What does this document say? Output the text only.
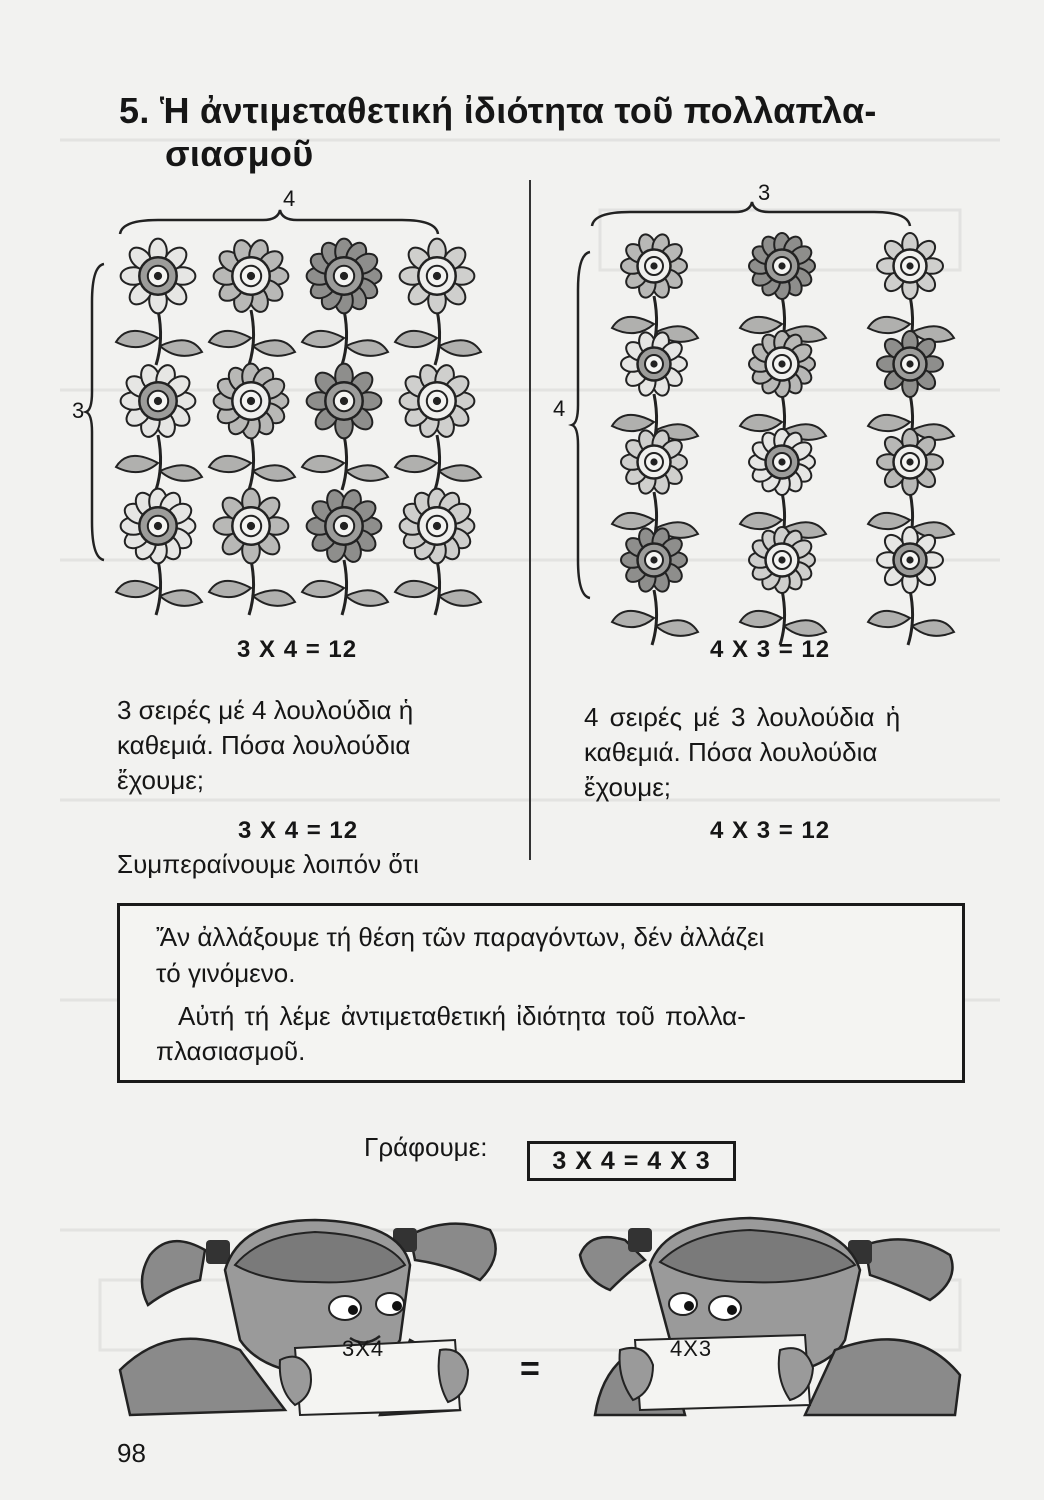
5. Ἡ ἀντιμεταθετική ἰδιότητα τοῦ πολλαπλα-
σιασμοῦ
4
3
3
4
3 Χ 4 = 12	4 Χ 3 = 12
3 σειρές μέ 4 λουλούδια ἡ
καθεμιά. Πόσα λουλούδια
ἔχουμε;
3 Χ 4 = 12
Συμπεραίνουμε λοιπόν ὅτι
4 σειρές μέ 3 λουλούδια ἡ
καθεμιά. Πόσα λουλούδια
ἔχουμε;
4 Χ 3 = 12
Ἄν ἀλλάξουμε τή θέση τῶν παραγόντων, δέν ἀλλάζει
τό γινόμενο.
Αὐτή τή λέμε ἀντιμεταθετική ἰδιότητα τοῦ πολλα-
πλασιασμοῦ.
Γράφουμε:	3 Χ 4 = 4 Χ 3
3Χ4
=
4Χ3
98
